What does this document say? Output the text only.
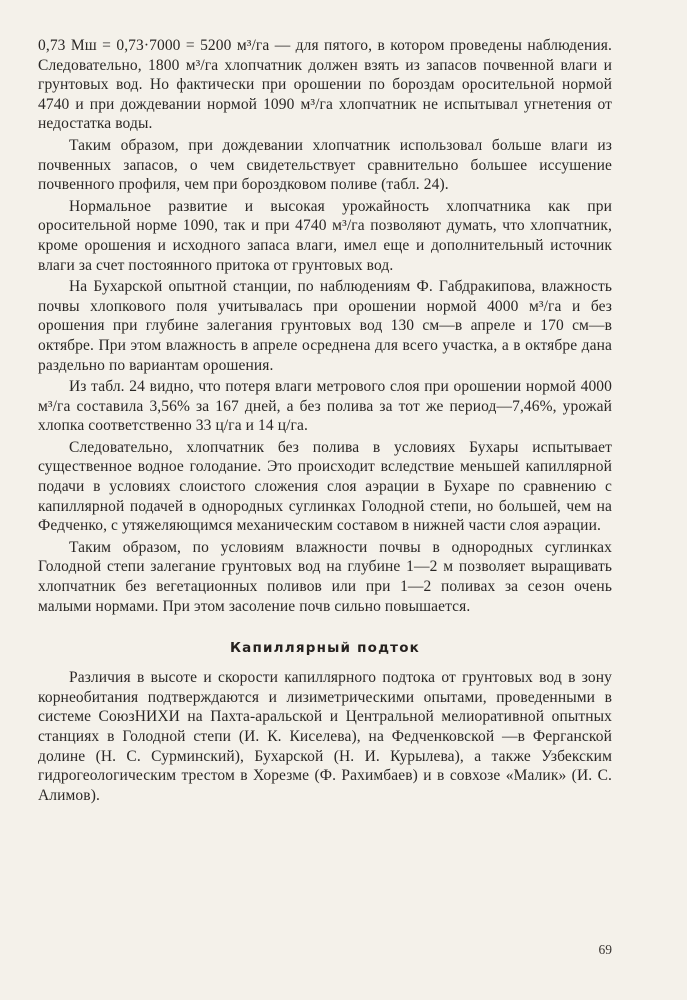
0,73 Mш = 0,73·7000 = 5200 м³/га — для пятого, в котором проведены наблюдения. Следовательно, 1800 м³/га хлопчатник должен взять из запасов почвенной влаги и грунтовых вод. Но фактически при орошении по бороздам оросительной нормой 4740 и при дождевании нормой 1090 м³/га хлопчатник не испытывал угнетения от недостатка воды.

Таким образом, при дождевании хлопчатник использовал больше влаги из почвенных запасов, о чем свидетельствует сравнительно большее иссушение почвенного профиля, чем при бороздковом поливе (табл. 24).

Нормальное развитие и высокая урожайность хлопчатника как при оросительной норме 1090, так и при 4740 м³/га позволяют думать, что хлопчатник, кроме орошения и исходного запаса влаги, имел еще и дополнительный источник влаги за счет постоянного притока от грунтовых вод.

На Бухарской опытной станции, по наблюдениям Ф. Габдракипова, влажность почвы хлопкового поля учитывалась при орошении нормой 4000 м³/га и без орошения при глубине залегания грунтовых вод 130 см—в апреле и 170 см—в октябре. При этом влажность в апреле осреднена для всего участка, а в октябре дана раздельно по вариантам орошения.

Из табл. 24 видно, что потеря влаги метрового слоя при орошении нормой 4000 м³/га составила 3,56% за 167 дней, а без полива за тот же период—7,46%, урожай хлопка соответственно 33 ц/га и 14 ц/га.

Следовательно, хлопчатник без полива в условиях Бухары испытывает существенное водное голодание. Это происходит вследствие меньшей капиллярной подачи в условиях слоистого сложения слоя аэрации в Бухаре по сравнению с капиллярной подачей в однородных суглинках Голодной степи, но большей, чем на Федченко, с утяжеляющимся механическим составом в нижней части слоя аэрации.

Таким образом, по условиям влажности почвы в однородных суглинках Голодной степи залегание грунтовых вод на глубине 1—2 м позволяет выращивать хлопчатник без вегетационных поливов или при 1—2 поливах за сезон очень малыми нормами. При этом засоление почв сильно повышается.

Капиллярный подток

Различия в высоте и скорости капиллярного подтока от грунтовых вод в зону корнеобитания подтверждаются и лизиметрическими опытами, проведенными в системе СоюзНИХИ на Пахта-аральской и Центральной мелиоративной опытных станциях в Голодной степи (И. К. Киселева), на Федченковской —в Ферганской долине (Н. С. Сурминский), Бухарской (Н. И. Курылева), а также Узбекским гидрогеологическим трестом в Хорезме (Ф. Рахимбаев) и в совхозе «Малик» (И. С. Алимов).

69
